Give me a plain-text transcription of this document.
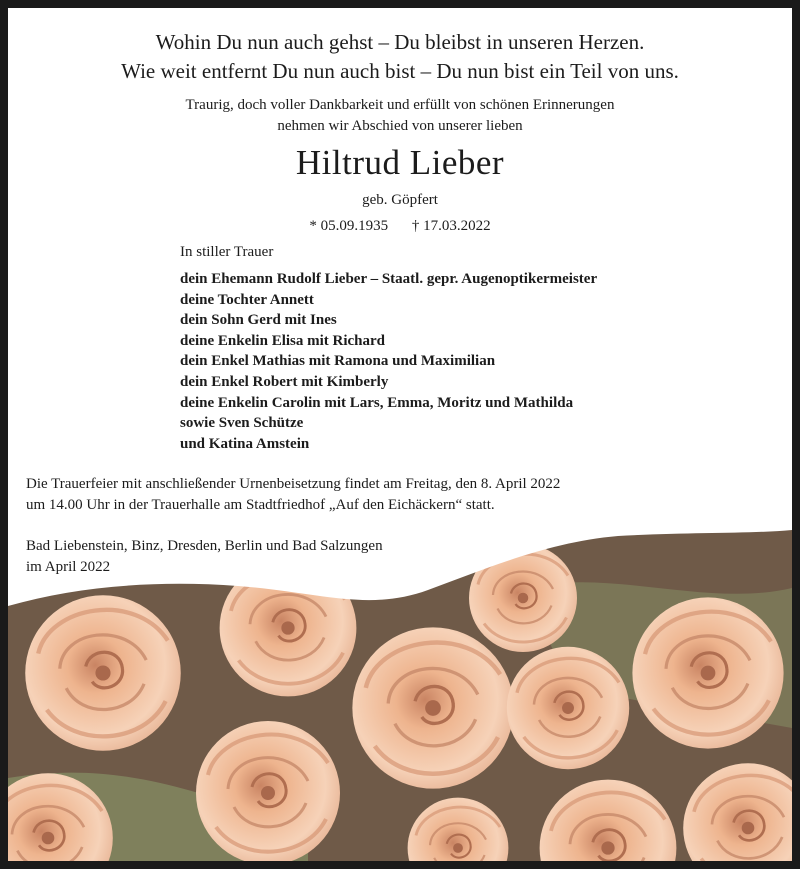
Wohin Du nun auch gehst – Du bleibst in unseren Herzen.
Wie weit entfernt Du nun auch bist – Du nun bist ein Teil von uns.
Traurig, doch voller Dankbarkeit und erfüllt von schönen Erinnerungen
nehmen wir Abschied von unserer lieben
Hiltrud Lieber
geb. Göpfert
* 05.09.1935 † 17.03.2022
In stiller Trauer
dein Ehemann Rudolf Lieber – Staatl. gepr. Augenoptikermeister
deine Tochter Annett
dein Sohn Gerd mit Ines
deine Enkelin Elisa mit Richard
dein Enkel Mathias mit Ramona und Maximilian
dein Enkel Robert mit Kimberly
deine Enkelin Carolin mit Lars, Emma, Moritz und Mathilda
sowie Sven Schütze
und Katina Amstein
Die Trauerfeier mit anschließender Urnenbeisetzung findet am Freitag, den 8. April 2022
um 14.00 Uhr in der Trauerhalle am Stadtfriedhof „Auf den Eichäckern“ statt.
Bad Liebenstein, Binz, Dresden, Berlin und Bad Salzungen
im April 2022
